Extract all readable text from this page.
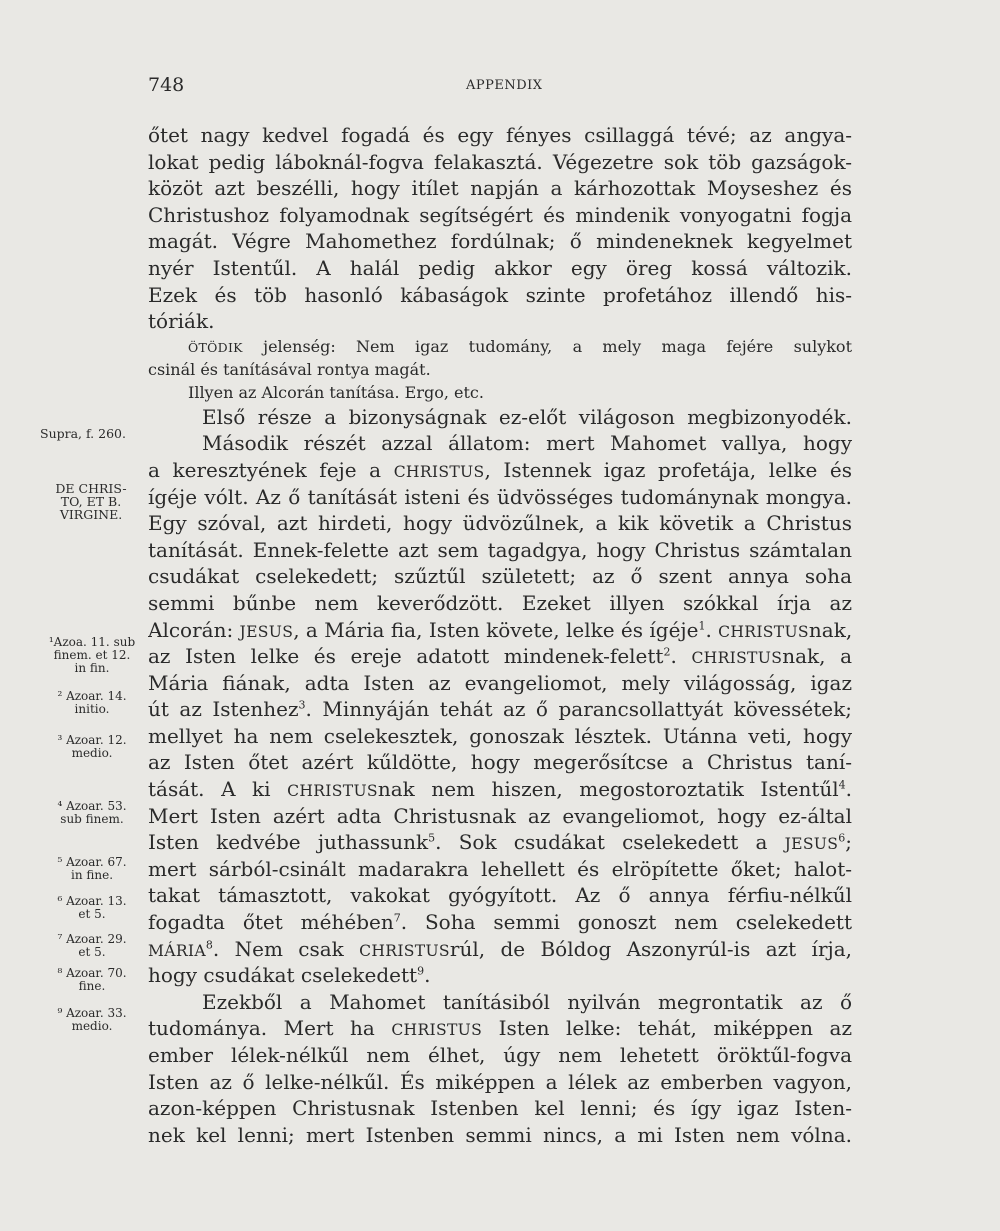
748	APPENDIX
őtet nagy kedvel fogadá és egy fényes csillaggá tévé; az angya-
lokat pedig láboknál-fogva felakasztá. Végezetre sok töb gazságok-
közöt azt beszélli, hogy itílet napján a kárhozottak Moyseshez és
Christushoz folyamodnak segítségért és mindenik vonyogatni fogja
magát. Végre Mahomethez fordúlnak; ő mindeneknek kegyelmet
nyér Istentűl. A halál pedig akkor egy öreg kossá változik.
Ezek és töb hasonló kábaságok szinte profetához illendő his-
tóriák.
ÖTÖDIK jelenség: Nem igaz tudomány, a mely maga fejére sulykot
csinál és tanításával rontya magát.
Illyen az Alcorán tanítása. Ergo, etc.
Első része a bizonyságnak ez-előt világoson megbizonyodék.
Második részét azzal állatom: mert Mahomet vallya, hogy
a keresztyének feje a CHRISTUS, Istennek igaz profetája, lelke és
ígéje vólt. Az ő tanítását isteni és üdvösséges tudománynak mongya.
Egy szóval, azt hirdeti, hogy üdvözűlnek, a kik követik a Christus
tanítását. Ennek-felette azt sem tagadgya, hogy Christus számtalan
csudákat cselekedett; szűztűl született; az ő szent annya soha
semmi bűnbe nem keverődzött. Ezeket illyen szókkal írja az
Alcorán: JESUS, a Mária fia, Isten követe, lelke és ígéje$^1$. CHRISTUSnak,
az Isten lelke és ereje adatott mindenek-felett$^2$. CHRISTUSnak, a
Mária fiának, adta Isten az evangeliomot, mely világosság, igaz
út az Istenhez$^3$. Minnyáján tehát az ő parancsollattyát kövessétek;
mellyet ha nem cselekesztek, gonoszak lésztek. Utánna veti, hogy
az Isten őtet azért kűldötte, hogy megerősítcse a Christus taní-
tását. A ki CHRISTUSnak nem hiszen, megostoroztatik Istentűl$^4$.
Mert Isten azért adta Christusnak az evangeliomot, hogy ez-által
Isten kedvébe juthassunk$^5$. Sok csudákat cselekedett a JESUS$^6$;
mert sárból-csinált madarakra lehellett és elröpítette őket; halot-
takat támasztott, vakokat gyógyított. Az ő annya férfiu-nélkűl
fogadta őtet méhében$^7$. Soha semmi gonoszt nem cselekedett
MÁRIA$^8$. Nem csak CHRISTUSrúl, de Bóldog Aszonyrúl-is azt írja,
hogy csudákat cselekedett$^9$.
Ezekből a Mahomet tanításiból nyilván megrontatik az ő
tudománya. Mert ha CHRISTUS Isten lelke: tehát, miképpen az
ember lélek-nélkűl nem élhet, úgy nem lehetett öröktűl-fogva
Isten az ő lelke-nélkűl. És miképpen a lélek az emberben vagyon,
azon-képpen Christusnak Istenben kel lenni; és így igaz Isten-
nek kel lenni; mert Istenben semmi nincs, a mi Isten nem vólna.
Supra, f. 260.
DE CHRIS-
TO, ET B.
VIRGINE.
¹Azoa. 11. sub
finem. et 12.
in fin.
² Azoar. 14.
initio.
³ Azoar. 12.
medio.
⁴ Azoar. 53.
sub finem.
⁵ Azoar. 67.
in fine.
⁶ Azoar. 13.
et 5.
⁷ Azoar. 29.
et 5.
⁸ Azoar. 70.
fine.
⁹ Azoar. 33.
medio.
